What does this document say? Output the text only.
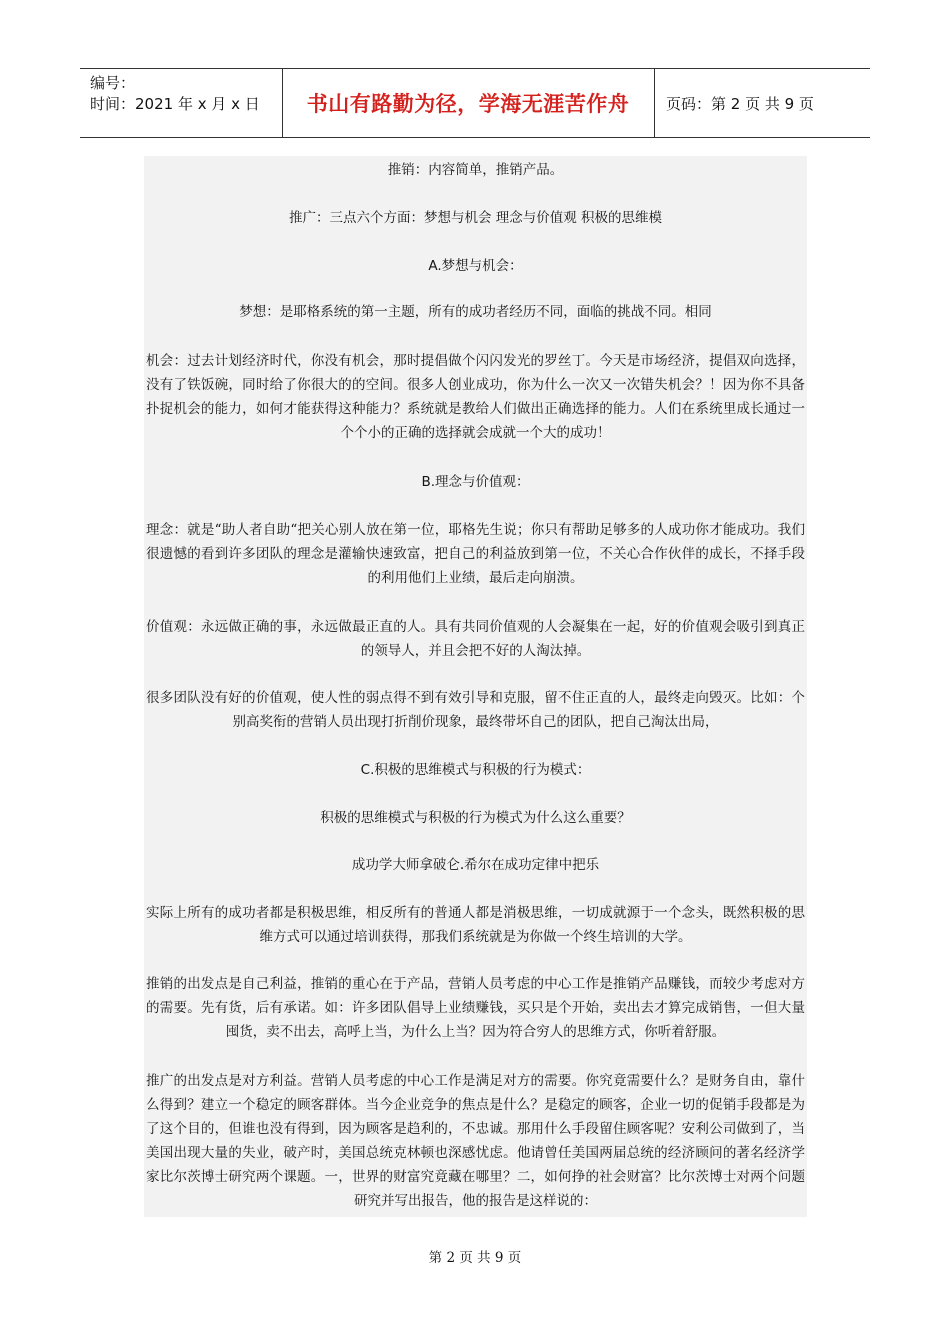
编号：
时间：2021 年 x 月 x 日	书山有路勤为径，学海无涯苦作舟	页码：第 2 页 共 9 页
推销：内容简单，推销产品。
推广：三点六个方面：梦想与机会 理念与价值观 积极的思维模
A.梦想与机会：
梦想：是耶格系统的第一主题，所有的成功者经历不同，面临的挑战不同。相同
机会：过去计划经济时代，你没有机会，那时提倡做个闪闪发光的罗丝丁。今天是市场经济，提倡双向选择，没有了铁饭碗，同时给了你很大的的空间。很多人创业成功，你为什么一次又一次错失机会？！因为你不具备扑捉机会的能力，如何才能获得这种能力？系统就是教给人们做出正确选择的能力。人们在系统里成长通过一个个小的正确的选择就会成就一个大的成功！
B.理念与价值观：
理念：就是“助人者自助“把关心别人放在第一位，耶格先生说；你只有帮助足够多的人成功你才能成功。我们很遗憾的看到许多团队的理念是灌输快速致富，把自己的利益放到第一位，不关心合作伙伴的成长，不择手段的利用他们上业绩，最后走向崩溃。
价值观：永远做正确的事，永远做最正直的人。具有共同价值观的人会凝集在一起，好的价值观会吸引到真正的领导人，并且会把不好的人淘汰掉。
很多团队没有好的价值观，使人性的弱点得不到有效引导和克服，留不住正直的人，最终走向毁灭。比如：个别高奖衔的营销人员出现打折削价现象，最终带坏自己的团队，把自己淘汰出局，
C.积极的思维模式与积极的行为模式：
积极的思维模式与积极的行为模式为什么这么重要？
成功学大师拿破仑.希尔在成功定律中把乐
实际上所有的成功者都是积极思维，相反所有的普通人都是消极思维，一切成就源于一个念头，既然积极的思维方式可以通过培训获得，那我们系统就是为你做一个终生培训的大学。
推销的出发点是自己利益，推销的重心在于产品，营销人员考虑的中心工作是推销产品赚钱，而较少考虑对方的需要。先有货，后有承诺。如：许多团队倡导上业绩赚钱，买只是个开始，卖出去才算完成销售，一但大量囤货，卖不出去，高呼上当，为什么上当？因为符合穷人的思维方式，你听着舒服。
推广的出发点是对方利益。营销人员考虑的中心工作是满足对方的需要。你究竟需要什么？是财务自由，靠什么得到？建立一个稳定的顾客群体。当今企业竞争的焦点是什么？是稳定的顾客，企业一切的促销手段都是为了这个目的，但谁也没有得到，因为顾客是趋利的，不忠诚。那用什么手段留住顾客呢？安利公司做到了，当美国出现大量的失业，破产时，美国总统克林顿也深感忧虑。他请曾任美国两届总统的经济顾问的著名经济学家比尔茨博士研究两个课题。一，世界的财富究竟藏在哪里？二，如何挣的社会财富？比尔茨博士对两个问题研究并写出报告，他的报告是这样说的：
第 2 页 共 9 页
